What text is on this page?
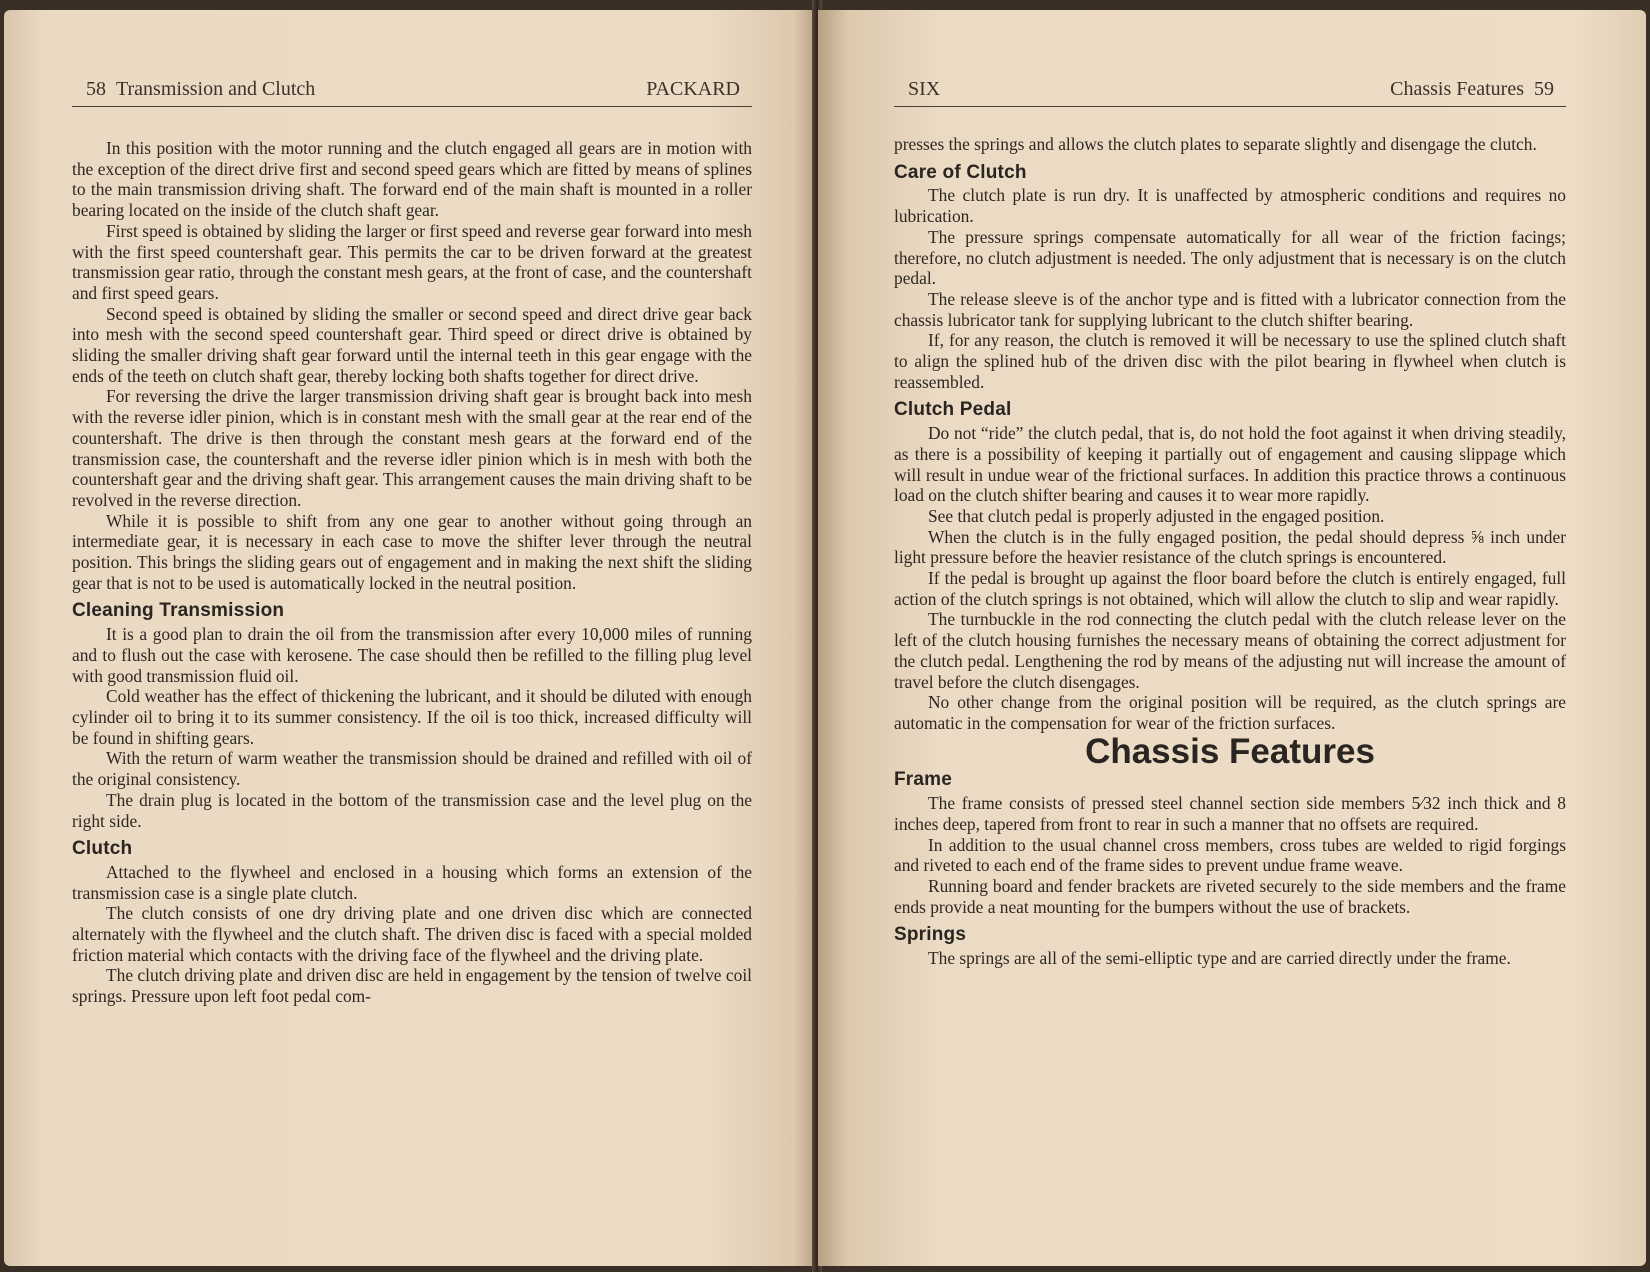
58 Transmission and Clutch	PACKARD

In this position with the motor running and the clutch engaged all gears are in motion with the exception of the direct drive first and second speed gears which are fitted by means of splines to the main transmission driving shaft. The forward end of the main shaft is mounted in a roller bearing located on the inside of the clutch shaft gear.

First speed is obtained by sliding the larger or first speed and reverse gear forward into mesh with the first speed countershaft gear. This permits the car to be driven forward at the greatest transmission gear ratio, through the constant mesh gears, at the front of case, and the countershaft and first speed gears.

Second speed is obtained by sliding the smaller or second speed and direct drive gear back into mesh with the second speed countershaft gear. Third speed or direct drive is obtained by sliding the smaller driving shaft gear forward until the internal teeth in this gear engage with the ends of the teeth on clutch shaft gear, thereby locking both shafts together for direct drive.

For reversing the drive the larger transmission driving shaft gear is brought back into mesh with the reverse idler pinion, which is in constant mesh with the small gear at the rear end of the countershaft. The drive is then through the constant mesh gears at the forward end of the transmission case, the countershaft and the reverse idler pinion which is in mesh with both the countershaft gear and the driving shaft gear. This arrangement causes the main driving shaft to be revolved in the reverse direction.

While it is possible to shift from any one gear to another without going through an intermediate gear, it is necessary in each case to move the shifter lever through the neutral position. This brings the sliding gears out of engagement and in making the next shift the sliding gear that is not to be used is automatically locked in the neutral position.

Cleaning Transmission

It is a good plan to drain the oil from the transmission after every 10,000 miles of running and to flush out the case with kerosene. The case should then be refilled to the filling plug level with good transmission fluid oil.

Cold weather has the effect of thickening the lubricant, and it should be diluted with enough cylinder oil to bring it to its summer consistency. If the oil is too thick, increased difficulty will be found in shifting gears.

With the return of warm weather the transmission should be drained and refilled with oil of the original consistency.

The drain plug is located in the bottom of the transmission case and the level plug on the right side.

Clutch

Attached to the flywheel and enclosed in a housing which forms an extension of the transmission case is a single plate clutch.

The clutch consists of one dry driving plate and one driven disc which are connected alternately with the flywheel and the clutch shaft. The driven disc is faced with a special molded friction material which contacts with the driving face of the flywheel and the driving plate.

The clutch driving plate and driven disc are held in engagement by the tension of twelve coil springs. Pressure upon left foot pedal com-

SIX	Chassis Features 59

presses the springs and allows the clutch plates to separate slightly and disengage the clutch.

Care of Clutch

The clutch plate is run dry. It is unaffected by atmospheric conditions and requires no lubrication.

The pressure springs compensate automatically for all wear of the friction facings; therefore, no clutch adjustment is needed. The only adjustment that is necessary is on the clutch pedal.

The release sleeve is of the anchor type and is fitted with a lubricator connection from the chassis lubricator tank for supplying lubricant to the clutch shifter bearing.

If, for any reason, the clutch is removed it will be necessary to use the splined clutch shaft to align the splined hub of the driven disc with the pilot bearing in flywheel when clutch is reassembled.

Clutch Pedal

Do not “ride” the clutch pedal, that is, do not hold the foot against it when driving steadily, as there is a possibility of keeping it partially out of engagement and causing slippage which will result in undue wear of the frictional surfaces. In addition this practice throws a continuous load on the clutch shifter bearing and causes it to wear more rapidly.

See that clutch pedal is properly adjusted in the engaged position.

When the clutch is in the fully engaged position, the pedal should depress ⅝ inch under light pressure before the heavier resistance of the clutch springs is encountered.

If the pedal is brought up against the floor board before the clutch is entirely engaged, full action of the clutch springs is not obtained, which will allow the clutch to slip and wear rapidly.

The turnbuckle in the rod connecting the clutch pedal with the clutch release lever on the left of the clutch housing furnishes the necessary means of obtaining the correct adjustment for the clutch pedal. Lengthening the rod by means of the adjusting nut will increase the amount of travel before the clutch disengages.

No other change from the original position will be required, as the clutch springs are automatic in the compensation for wear of the friction surfaces.

Chassis Features
Frame

The frame consists of pressed steel channel section side members 5⁄32 inch thick and 8 inches deep, tapered from front to rear in such a manner that no offsets are required.

In addition to the usual channel cross members, cross tubes are welded to rigid forgings and riveted to each end of the frame sides to prevent undue frame weave.

Running board and fender brackets are riveted securely to the side members and the frame ends provide a neat mounting for the bumpers without the use of brackets.

Springs

The springs are all of the semi-elliptic type and are carried directly under the frame.
